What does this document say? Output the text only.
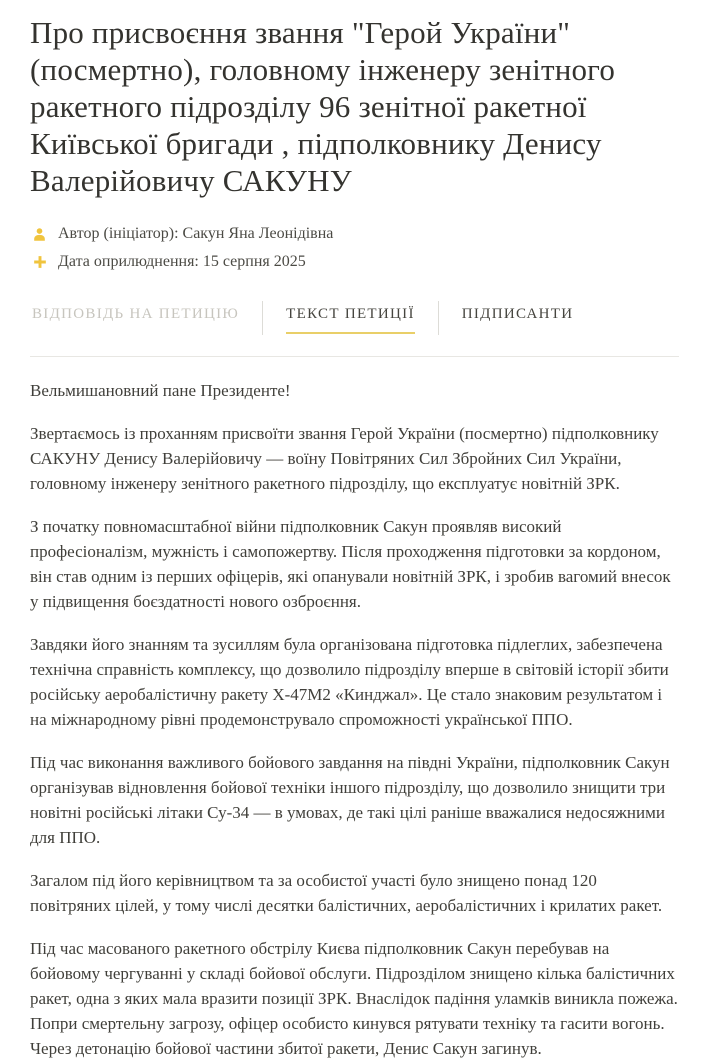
Про присвоєння звання "Герой України" (посмертно), головному інженеру зенітного ракетного підрозділу 96 зенітної ракетної Київської бригади , підполковнику Денису Валерійовичу САКУНУ
Автор (ініціатор): Сакун Яна Леонідівна
Дата оприлюднення: 15 серпня 2025
ВІДПОВІДЬ НА ПЕТИЦІЮ	ТЕКСТ ПЕТИЦІЇ	ПІДПИСАНТИ

Вельмишановний пане Президенте!

Звертаємось із проханням присвоїти звання Герой України (посмертно) підполковнику САКУНУ Денису Валерійовичу — воїну Повітряних Сил Збройних Сил України, головному інженеру зенітного ракетного підрозділу, що експлуатує новітній ЗРК.

З початку повномасштабної війни підполковник Сакун проявляв високий професіоналізм, мужність і самопожертву. Після проходження підготовки за кордоном, він став одним із перших офіцерів, які опанували новітній ЗРК, і зробив вагомий внесок у підвищення боєздатності нового озброєння.

Завдяки його знанням та зусиллям була організована підготовка підлеглих, забезпечена технічна справність комплексу, що дозволило підрозділу вперше в світовій історії збити російську аеробалістичну ракету Х-47М2 «Кинджал». Це стало знаковим результатом і на міжнародному рівні продемонструвало спроможності української ППО.

Під час виконання важливого бойового завдання на півдні України, підполковник Сакун організував відновлення бойової техніки іншого підрозділу, що дозволило знищити три новітні російські літаки Су-34 — в умовах, де такі цілі раніше вважалися недосяжними для ППО.

Загалом під його керівництвом та за особистої участі було знищено понад 120 повітряних цілей, у тому числі десятки балістичних, аеробалістичних і крилатих ракет.

Під час масованого ракетного обстрілу Києва підполковник Сакун перебував на бойовому чергуванні у складі бойової обслуги. Підрозділом знищено кілька балістичних ракет, одна з яких мала вразити позиції ЗРК. Внаслідок падіння уламків виникла пожежа. Попри смертельну загрозу, офіцер особисто кинувся рятувати техніку та гасити вогонь. Через детонацію бойової частини збитої ракети, Денис Сакун загинув.
